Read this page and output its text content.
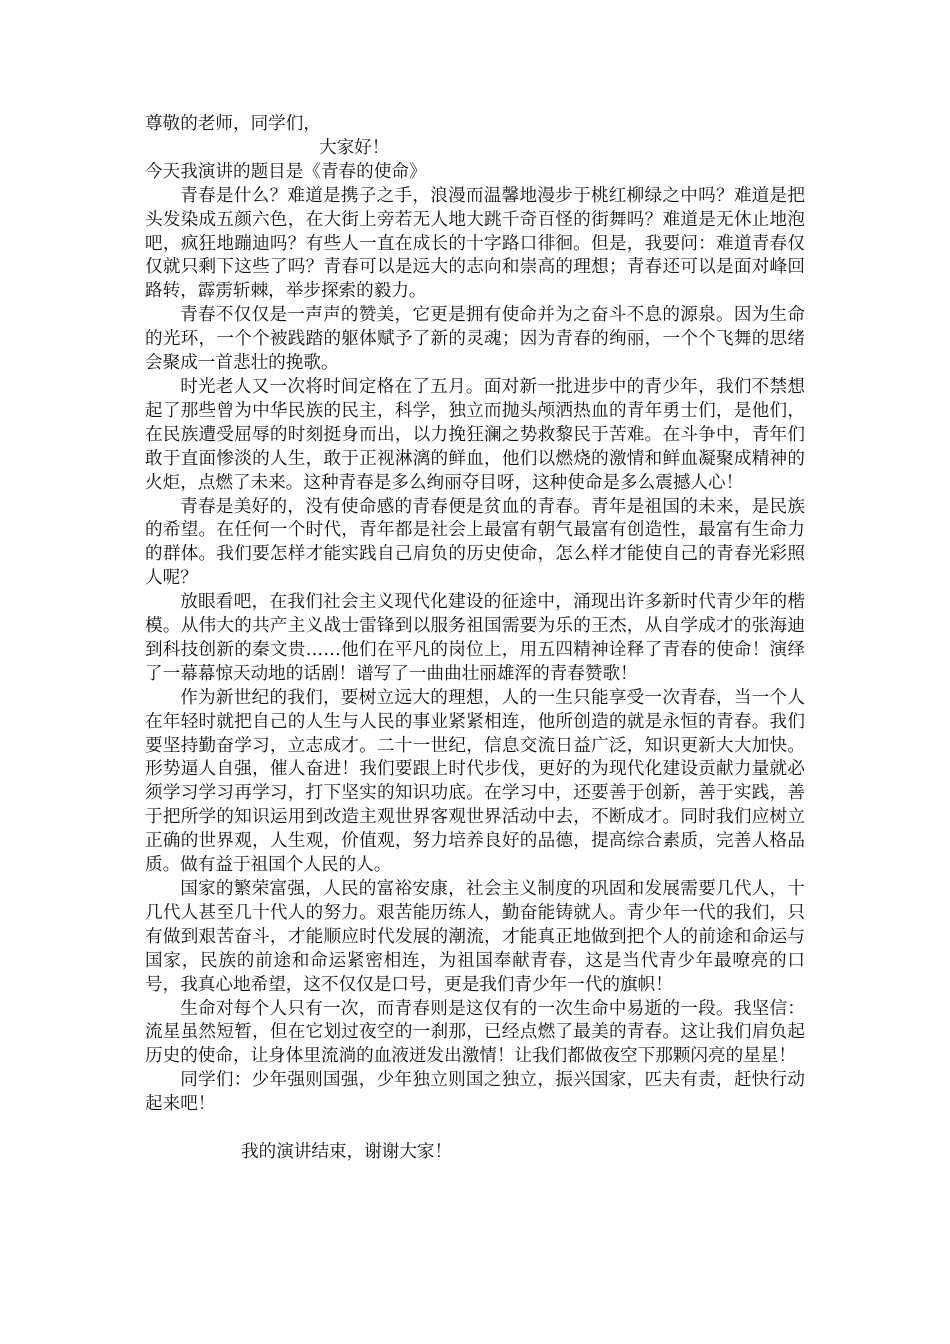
尊敬的老师，同学们，

大家好！

今天我演讲的题目是《青春的使命》

青春是什么？难道是携子之手，浪漫而温馨地漫步于桃红柳绿之中吗？难道是把头发染成五颜六色，在大街上旁若无人地大跳千奇百怪的街舞吗？难道是无休止地泡吧，疯狂地蹦迪吗？有些人一直在成长的十字路口徘徊。但是，我要问：难道青春仅仅就只剩下这些了吗？青春可以是远大的志向和崇高的理想；青春还可以是面对峰回路转，霹雳斩棘，举步探索的毅力。

青春不仅仅是一声声的赞美，它更是拥有使命并为之奋斗不息的源泉。因为生命的光环，一个个被践踏的躯体赋予了新的灵魂；因为青春的绚丽，一个个飞舞的思绪会聚成一首悲壮的挽歌。

时光老人又一次将时间定格在了五月。面对新一批进步中的青少年，我们不禁想起了那些曾为中华民族的民主，科学，独立而抛头颅洒热血的青年勇士们，是他们，在民族遭受屈辱的时刻挺身而出，以力挽狂澜之势救黎民于苦难。在斗争中，青年们敢于直面惨淡的人生，敢于正视淋漓的鲜血，他们以燃烧的激情和鲜血凝聚成精神的火炬，点燃了未来。这种青春是多么绚丽夺目呀，这种使命是多么震撼人心！

青春是美好的，没有使命感的青春便是贫血的青春。青年是祖国的未来，是民族的希望。在任何一个时代，青年都是社会上最富有朝气最富有创造性，最富有生命力的群体。我们要怎样才能实践自己肩负的历史使命，怎么样才能使自己的青春光彩照人呢？

放眼看吧，在我们社会主义现代化建设的征途中，涌现出许多新时代青少年的楷模。从伟大的共产主义战士雷锋到以服务祖国需要为乐的王杰，从自学成才的张海迪到科技创新的秦文贵……他们在平凡的岗位上，用五四精神诠释了青春的使命！演绎了一幕幕惊天动地的话剧！谱写了一曲曲壮丽雄浑的青春赞歌！

作为新世纪的我们，要树立远大的理想，人的一生只能享受一次青春，当一个人在年轻时就把自己的人生与人民的事业紧紧相连，他所创造的就是永恒的青春。我们要坚持勤奋学习，立志成才。二十一世纪，信息交流日益广泛，知识更新大大加快。形势逼人自强，催人奋进！我们要跟上时代步伐，更好的为现代化建设贡献力量就必须学习学习再学习，打下坚实的知识功底。在学习中，还要善于创新，善于实践，善于把所学的知识运用到改造主观世界客观世界活动中去，不断成才。同时我们应树立正确的世界观，人生观，价值观，努力培养良好的品德，提高综合素质，完善人格品质。做有益于祖国个人民的人。

国家的繁荣富强，人民的富裕安康，社会主义制度的巩固和发展需要几代人，十几代人甚至几十代人的努力。艰苦能历练人，勤奋能铸就人。青少年一代的我们，只有做到艰苦奋斗，才能顺应时代发展的潮流，才能真正地做到把个人的前途和命运与国家，民族的前途和命运紧密相连，为祖国奉献青春，这是当代青少年最嘹亮的口号，我真心地希望，这不仅仅是口号，更是我们青少年一代的旗帜！

生命对每个人只有一次，而青春则是这仅有的一次生命中易逝的一段。我坚信：流星虽然短暂，但在它划过夜空的一刹那，已经点燃了最美的青春。这让我们肩负起历史的使命，让身体里流淌的血液迸发出激情！让我们都做夜空下那颗闪亮的星星！

同学们：少年强则国强，少年独立则国之独立，振兴国家，匹夫有责，赶快行动起来吧！

我的演讲结束，谢谢大家！
